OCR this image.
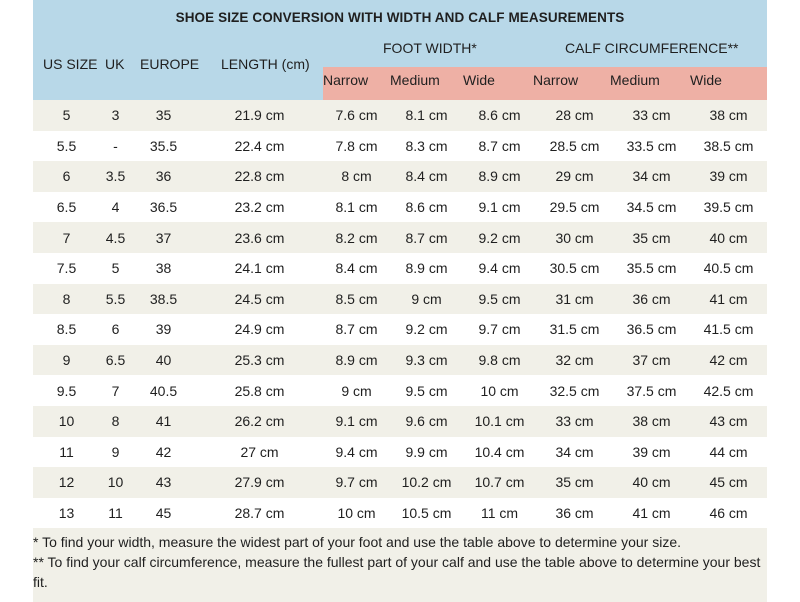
SHOE SIZE CONVERSION WITH WIDTH AND CALF MEASUREMENTS
US SIZE UK EUROPE LENGTH (cm)
FOOT WIDTH*	CALF CIRCUMFERENCE**
Narrow Medium Wide	Narrow Medium Wide
5	3	35	21.9 cm	7.6 cm	8.1 cm	8.6 cm	28 cm	33 cm	38 cm
5.5	-	35.5	22.4 cm	7.8 cm	8.3 cm	8.7 cm	28.5 cm	33.5 cm	38.5 cm
6	3.5	36	22.8 cm	8 cm	8.4 cm	8.9 cm	29 cm	34 cm	39 cm
6.5	4	36.5	23.2 cm	8.1 cm	8.6 cm	9.1 cm	29.5 cm	34.5 cm	39.5 cm
7	4.5	37	23.6 cm	8.2 cm	8.7 cm	9.2 cm	30 cm	35 cm	40 cm
7.5	5	38	24.1 cm	8.4 cm	8.9 cm	9.4 cm	30.5 cm	35.5 cm	40.5 cm
8	5.5	38.5	24.5 cm	8.5 cm	9 cm	9.5 cm	31 cm	36 cm	41 cm
8.5	6	39	24.9 cm	8.7 cm	9.2 cm	9.7 cm	31.5 cm	36.5 cm	41.5 cm
9	6.5	40	25.3 cm	8.9 cm	9.3 cm	9.8 cm	32 cm	37 cm	42 cm
9.5	7	40.5	25.8 cm	9 cm	9.5 cm	10 cm	32.5 cm	37.5 cm	42.5 cm
10	8	41	26.2 cm	9.1 cm	9.6 cm	10.1 cm	33 cm	38 cm	43 cm
11	9	42	27 cm	9.4 cm	9.9 cm	10.4 cm	34 cm	39 cm	44 cm
12	10	43	27.9 cm	9.7 cm	10.2 cm	10.7 cm	35 cm	40 cm	45 cm
13	11	45	28.7 cm	10 cm	10.5 cm	11 cm	36 cm	41 cm	46 cm
* To find your width, measure the widest part of your foot and use the table above to determine your size.
** To find your calf circumference, measure the fullest part of your calf and use the table above to determine your best fit.
